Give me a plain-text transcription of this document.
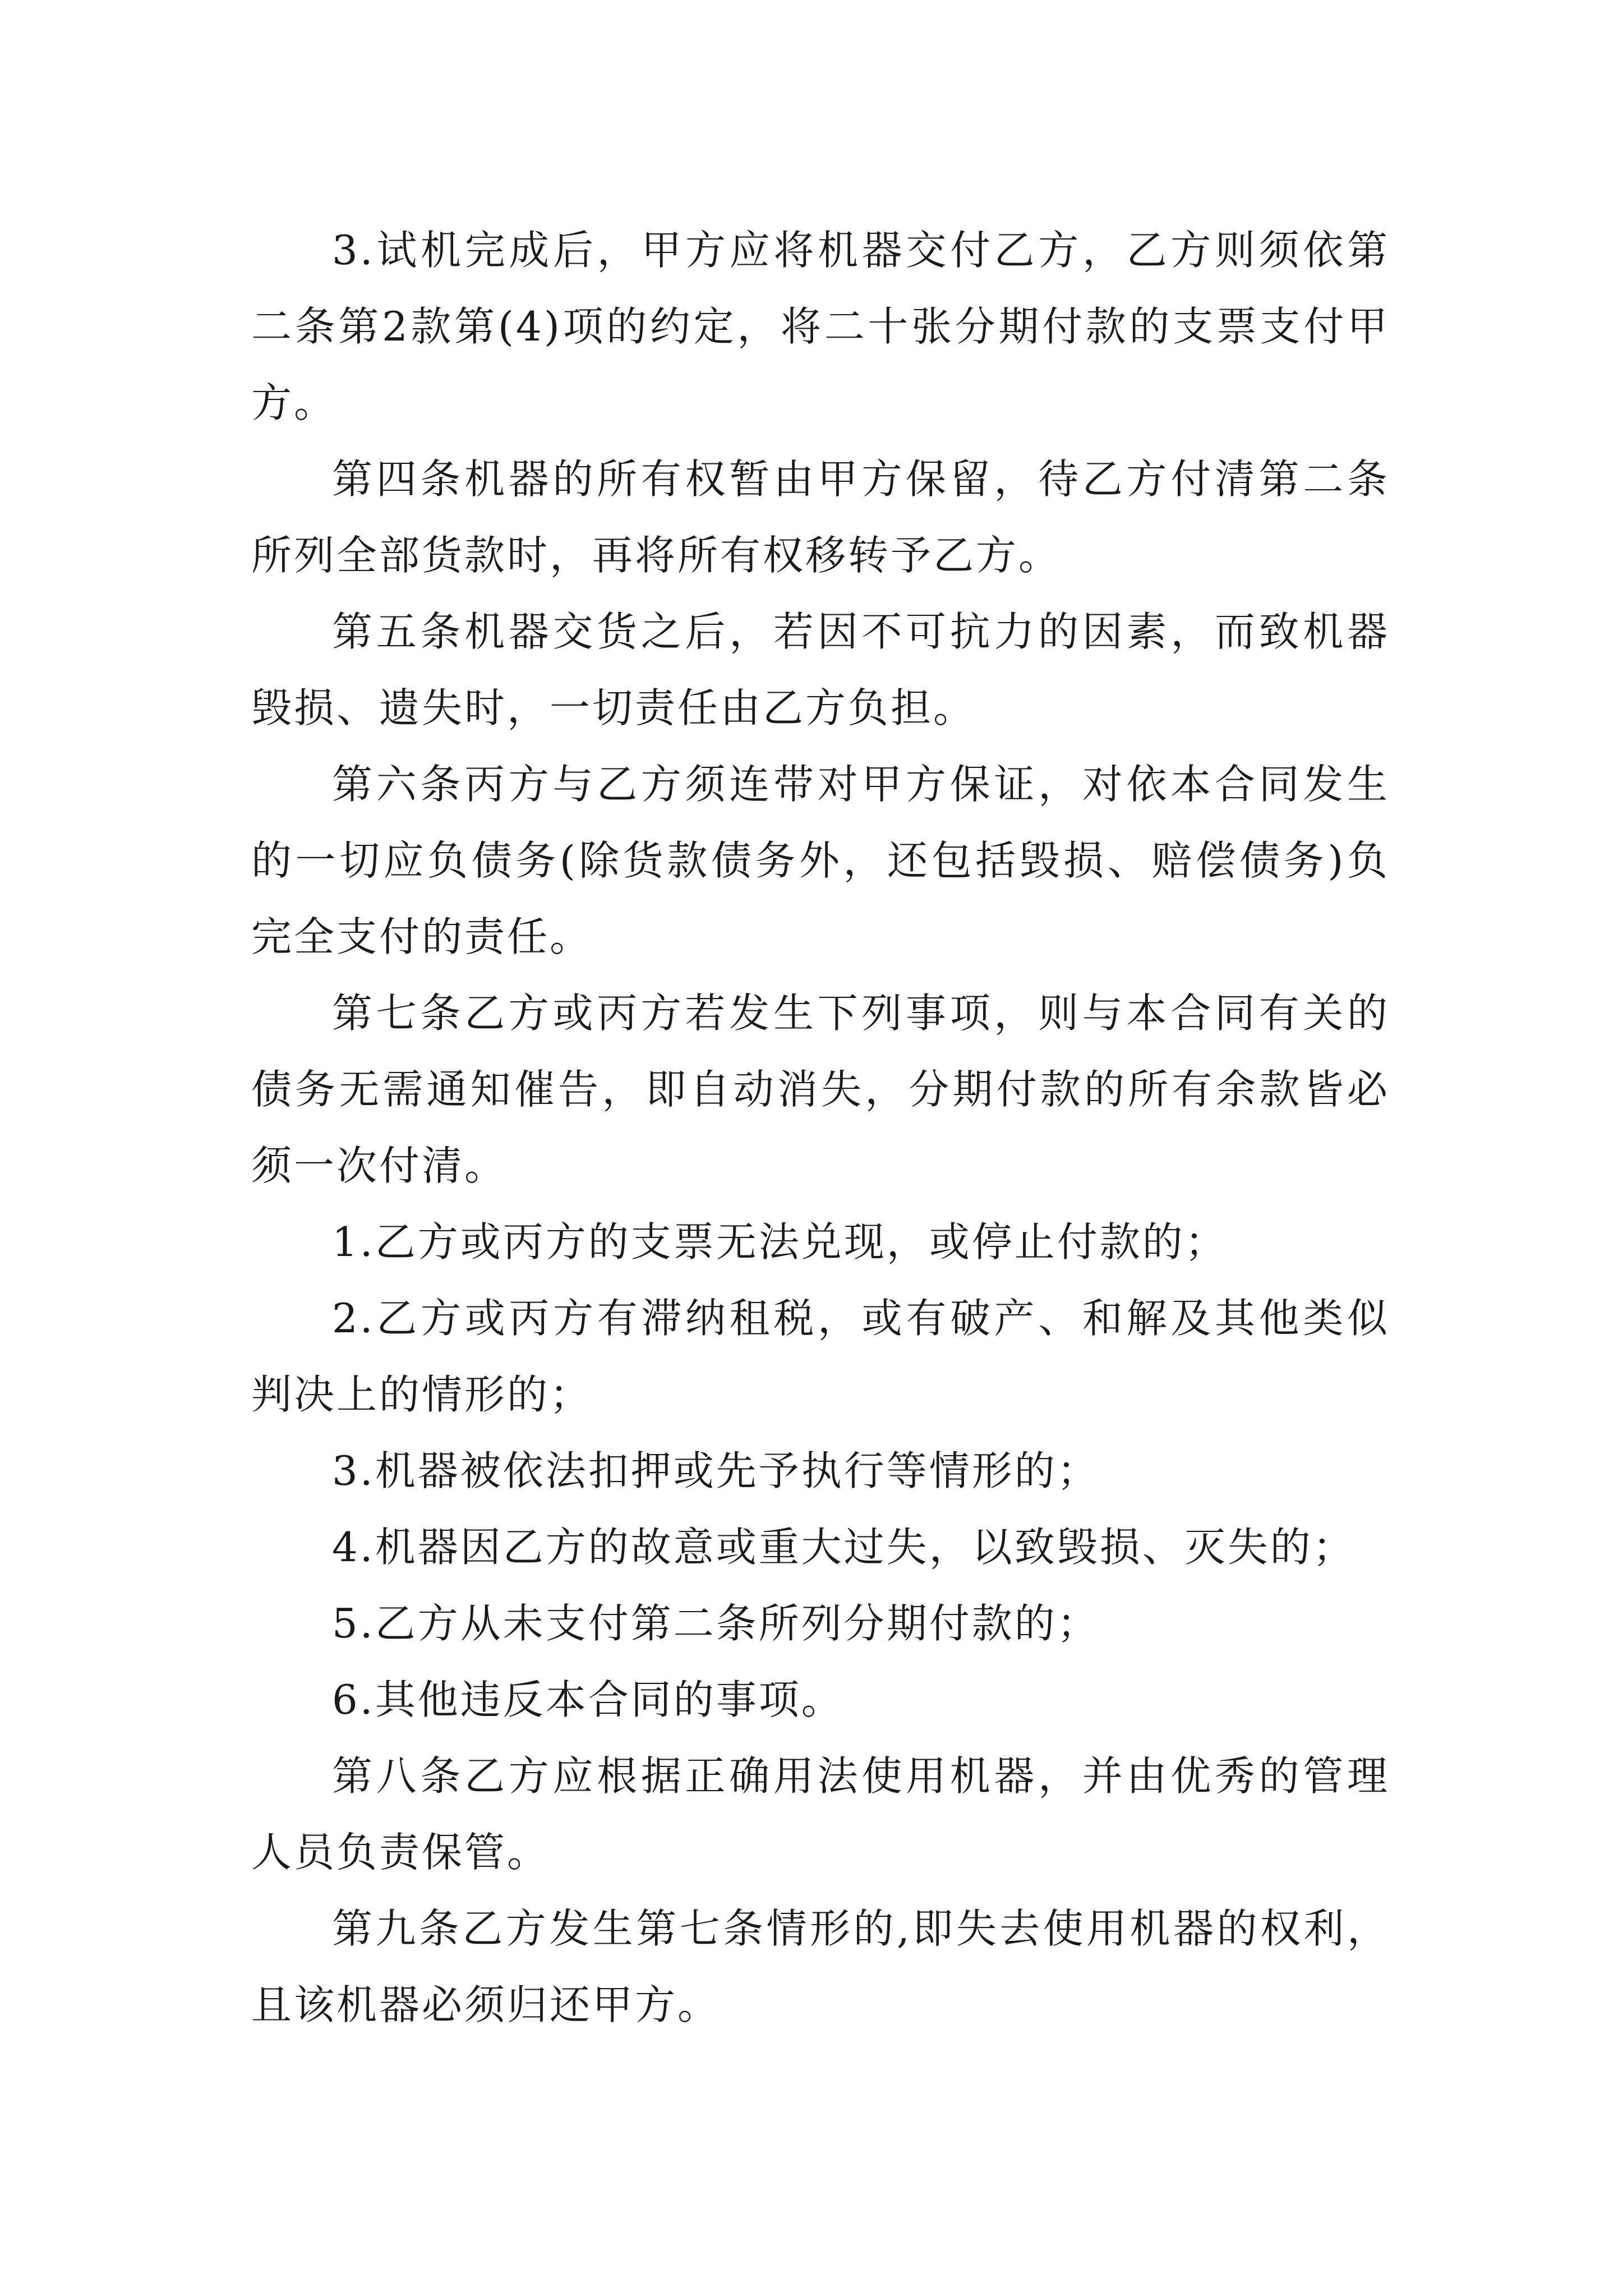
3.试机完成后，甲方应将机器交付乙方，乙方则须依第二条第2款第(4)项的约定，将二十张分期付款的支票支付甲方。

第四条机器的所有权暂由甲方保留，待乙方付清第二条所列全部货款时，再将所有权移转予乙方。

第五条机器交货之后，若因不可抗力的因素，而致机器毁损、遗失时，一切责任由乙方负担。

第六条丙方与乙方须连带对甲方保证，对依本合同发生的一切应负债务(除货款债务外，还包括毁损、赔偿债务)负完全支付的责任。

第七条乙方或丙方若发生下列事项，则与本合同有关的债务无需通知催告，即自动消失，分期付款的所有余款皆必须一次付清。

1.乙方或丙方的支票无法兑现，或停止付款的；

2.乙方或丙方有滞纳租税，或有破产、和解及其他类似判决上的情形的；

3.机器被依法扣押或先予执行等情形的；

4.机器因乙方的故意或重大过失，以致毁损、灭失的；

5.乙方从未支付第二条所列分期付款的；

6.其他违反本合同的事项。

第八条乙方应根据正确用法使用机器，并由优秀的管理人员负责保管。

第九条乙方发生第七条情形的,即失去使用机器的权利，且该机器必须归还甲方。
